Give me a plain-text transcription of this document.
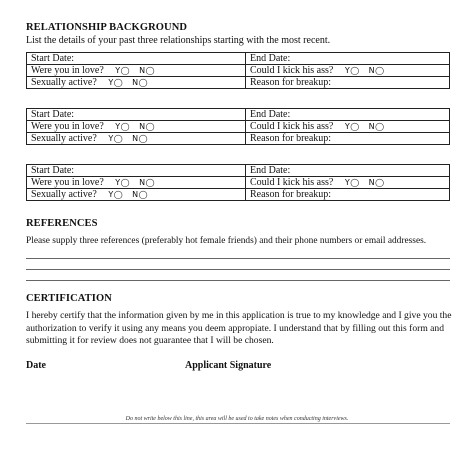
RELATIONSHIP BACKGROUND
List the details of your past three relationships starting with the most recent.
Start Date:	End Date:
Were you in love? Y◯ N◯	Could I kick his ass? Y◯ N◯
Sexually active? Y◯ N◯	Reason for breakup:
Start Date:	End Date:
Were you in love? Y◯ N◯	Could I kick his ass? Y◯ N◯
Sexually active? Y◯ N◯	Reason for breakup:
Start Date:	End Date:
Were you in love? Y◯ N◯	Could I kick his ass? Y◯ N◯
Sexually active? Y◯ N◯	Reason for breakup:
REFERENCES
Please supply three references (preferably hot female friends) and their phone numbers or email addresses.
CERTIFICATION
I hereby certify that the information given by me in this application is true to my knowledge and I give you the authorization to verify it using any means you deem appropiate. I understand that by filling out this form and submitting it for review does not guarantee that I will be chosen.
Date	Applicant Signature
Do not write below this line, this area will be used to take notes when conducting interviews.
